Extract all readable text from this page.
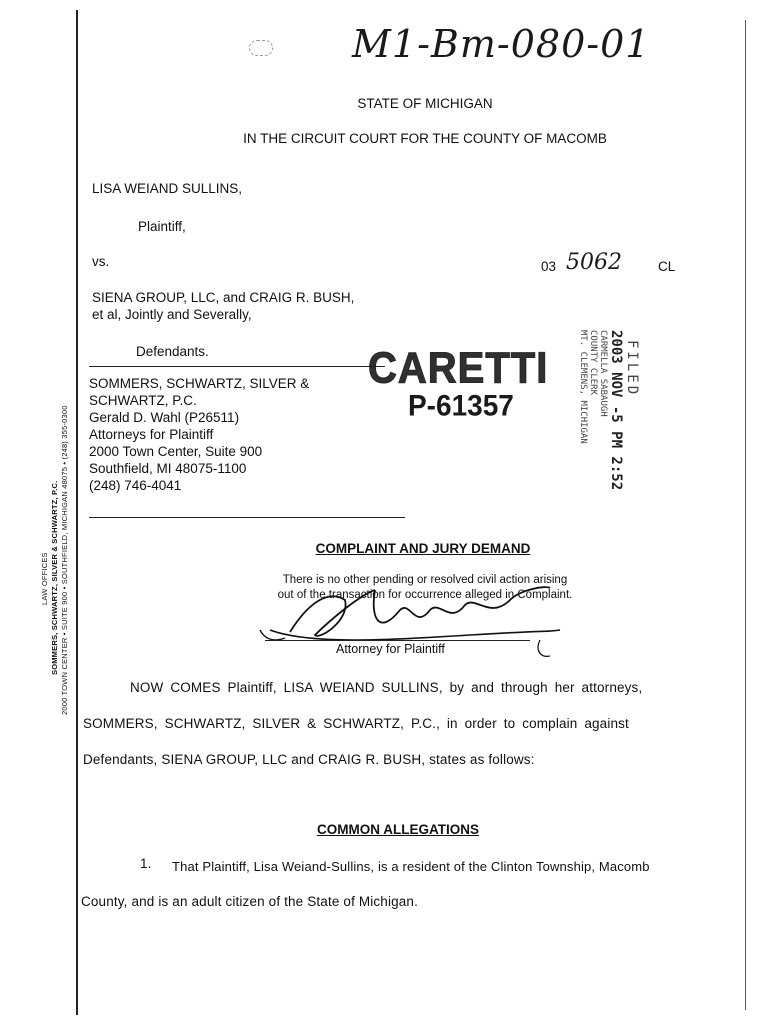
M1-Bm-080-01
STATE OF MICHIGAN
IN THE CIRCUIT COURT FOR THE COUNTY OF MACOMB
LISA WEIAND SULLINS,
Plaintiff,
vs.	03 5062	CL
SIENA GROUP, LLC, and CRAIG R. BUSH,
et al, Jointly and Severally,
Defendants.
SOMMERS, SCHWARTZ, SILVER &
SCHWARTZ, P.C.
Gerald D. Wahl (P26511)
Attorneys for Plaintiff
2000 Town Center, Suite 900
Southfield, MI 48075-1100
(248) 746-4041
CARETTI
P-61357
FILED
2003 NOV -5 PM 2:52
CARMELLA SABAUGH
COUNTY CLERK
MT. CLEMENS, MICHIGAN
LAW OFFICES SOMMERS, SCHWARTZ, SILVER & SCHWARTZ, P.C. 2000 TOWN CENTER • SUITE 900 • SOUTHFIELD, MICHIGAN 48075 • (248) 355-0300	COMPLAINT AND JURY DEMAND
There is no other pending or resolved civil action arising
out of the transaction for occurrence alleged in Complaint.
Attorney for Plaintiff
NOW COMES Plaintiff, LISA WEIAND SULLINS, by and through her attorneys,
SOMMERS, SCHWARTZ, SILVER & SCHWARTZ, P.C., in order to complain against
Defendants, SIENA GROUP, LLC and CRAIG R. BUSH, states as follows:
COMMON ALLEGATIONS
1. That Plaintiff, Lisa Weiand-Sullins, is a resident of the Clinton Township, Macomb
County, and is an adult citizen of the State of Michigan.
